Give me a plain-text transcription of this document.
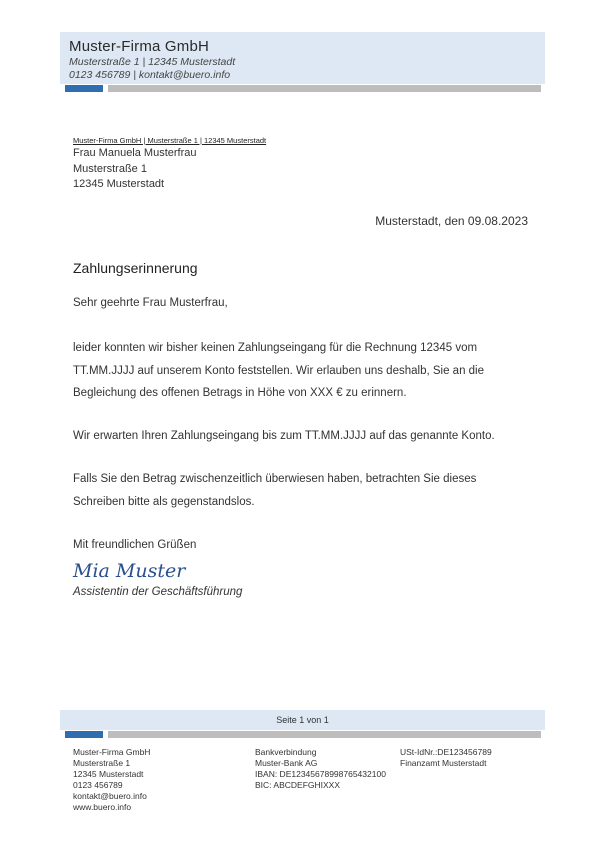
Muster-Firma GmbH
Musterstraße 1 | 12345 Musterstadt
0123 456789 | kontakt@buero.info
Muster-Firma GmbH | Musterstraße 1 | 12345 Musterstadt
Frau Manuela Musterfrau
Musterstraße 1
12345 Musterstadt
Musterstadt, den 09.08.2023
Zahlungserinnerung

Sehr geehrte Frau Musterfrau,

leider konnten wir bisher keinen Zahlungseingang für die Rechnung 12345 vom
TT.MM.JJJJ auf unserem Konto feststellen. Wir erlauben uns deshalb, Sie an die
Begleichung des offenen Betrags in Höhe von XXX € zu erinnern.

Wir erwarten Ihren Zahlungseingang bis zum TT.MM.JJJJ auf das genannte Konto.

Falls Sie den Betrag zwischenzeitlich überwiesen haben, betrachten Sie dieses
Schreiben bitte als gegenstandslos.

Mit freundlichen Grüßen

Mia Muster
Assistentin der Geschäftsführung
Seite 1 von 1
Muster-Firma GmbH
Musterstraße 1
12345 Musterstadt
0123 456789
kontakt@buero.info
www.buero.info
Bankverbindung
Muster-Bank AG
IBAN: DE12345678998765432100
BIC: ABCDEFGHIXXX
USt-IdNr.:DE123456789
Finanzamt Musterstadt
